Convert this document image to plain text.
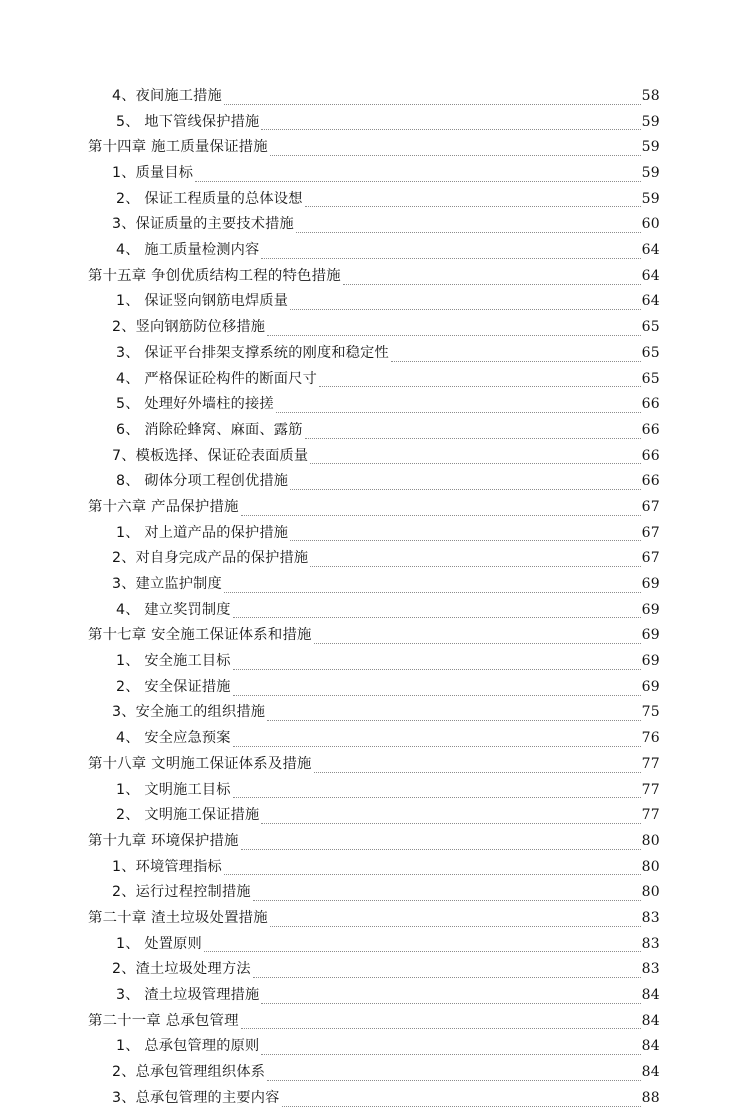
4、夜间施工措施	58
5、 地下管线保护措施	59
第十四章 施工质量保证措施	59
1、质量目标	59
2、 保证工程质量的总体设想	59
3、保证质量的主要技术措施	60
4、 施工质量检测内容	64
第十五章 争创优质结构工程的特色措施	64
1、 保证竖向钢筋电焊质量	64
2、竖向钢筋防位移措施	65
3、 保证平台排架支撑系统的刚度和稳定性	65
4、 严格保证砼构件的断面尺寸	65
5、 处理好外墙柱的接搓	66
6、 消除砼蜂窝、麻面、露筋	66
7、模板选择、保证砼表面质量	66
8、 砌体分项工程创优措施	66
第十六章 产品保护措施	67
1、 对上道产品的保护措施	67
2、对自身完成产品的保护措施	67
3、建立监护制度	69
4、 建立奖罚制度	69
第十七章 安全施工保证体系和措施	69
1、 安全施工目标	69
2、 安全保证措施	69
3、安全施工的组织措施	75
4、 安全应急预案	76
第十八章 文明施工保证体系及措施	77
1、 文明施工目标	77
2、 文明施工保证措施	77
第十九章 环境保护措施	80
1、环境管理指标	80
2、运行过程控制措施	80
第二十章 渣土垃圾处置措施	83
1、 处置原则	83
2、渣土垃圾处理方法	83
3、 渣土垃圾管理措施	84
第二十一章 总承包管理	84
1、 总承包管理的原则	84
2、总承包管理组织体系	84
3、总承包管理的主要内容	88
